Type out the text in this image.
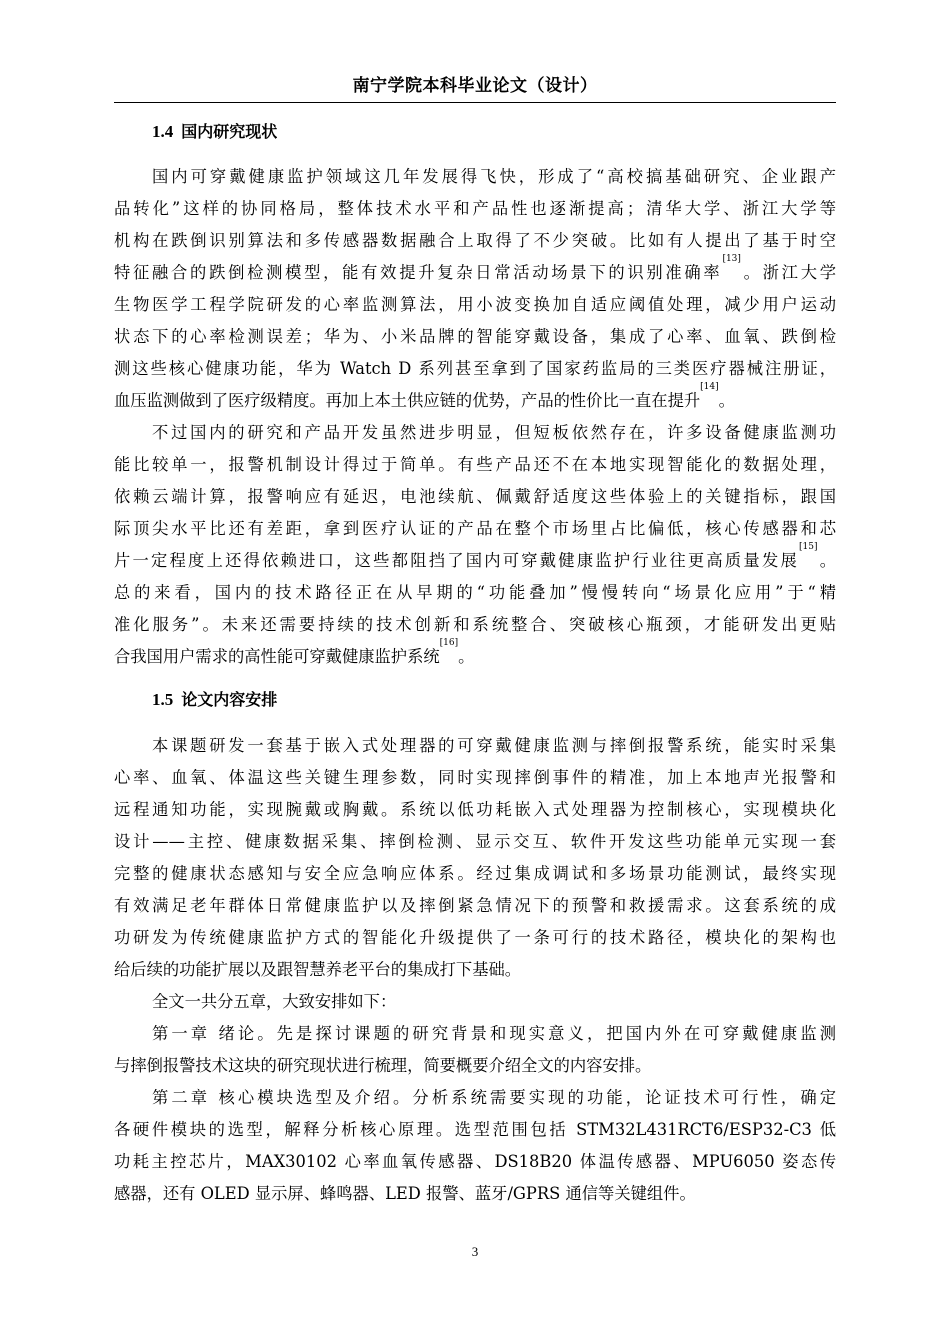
南宁学院本科毕业论文（设计）
1.4 国内研究现状
国内可穿戴健康监护领域这几年发展得飞快，形成了“高校搞基础研究、企业跟产
品转化”这样的协同格局，整体技术水平和产品性也逐渐提高；清华大学、浙江大学等
机构在跌倒识别算法和多传感器数据融合上取得了不少突破。比如有人提出了基于时空
特征融合的跌倒检测模型，能有效提升复杂日常活动场景下的识别准确率[13]。浙江大学
生物医学工程学院研发的心率监测算法，用小波变换加自适应阈值处理，减少用户运动
状态下的心率检测误差；华为、小米品牌的智能穿戴设备，集成了心率、血氧、跌倒检
测这些核心健康功能，华为 Watch D 系列甚至拿到了国家药监局的三类医疗器械注册证，
血压监测做到了医疗级精度。再加上本土供应链的优势，产品的性价比一直在提升[14]。
不过国内的研究和产品开发虽然进步明显，但短板依然存在，许多设备健康监测功
能比较单一，报警机制设计得过于简单。有些产品还不在本地实现智能化的数据处理，
依赖云端计算，报警响应有延迟，电池续航、佩戴舒适度这些体验上的关键指标，跟国
际顶尖水平比还有差距，拿到医疗认证的产品在整个市场里占比偏低，核心传感器和芯
片一定程度上还得依赖进口，这些都阻挡了国内可穿戴健康监护行业往更高质量发展[15]。
总的来看，国内的技术路径正在从早期的“功能叠加”慢慢转向“场景化应用”于“精
准化服务”。未来还需要持续的技术创新和系统整合、突破核心瓶颈，才能研发出更贴
合我国用户需求的高性能可穿戴健康监护系统[16]。
1.5 论文内容安排
本课题研发一套基于嵌入式处理器的可穿戴健康监测与摔倒报警系统，能实时采集
心率、血氧、体温这些关键生理参数，同时实现摔倒事件的精准，加上本地声光报警和
远程通知功能，实现腕戴或胸戴。系统以低功耗嵌入式处理器为控制核心，实现模块化
设计——主控、健康数据采集、摔倒检测、显示交互、软件开发这些功能单元实现一套
完整的健康状态感知与安全应急响应体系。经过集成调试和多场景功能测试，最终实现
有效满足老年群体日常健康监护以及摔倒紧急情况下的预警和救援需求。这套系统的成
功研发为传统健康监护方式的智能化升级提供了一条可行的技术路径，模块化的架构也
给后续的功能扩展以及跟智慧养老平台的集成打下基础。
全文一共分五章，大致安排如下：
第一章 绪论。先是探讨课题的研究背景和现实意义，把国内外在可穿戴健康监测
与摔倒报警技术这块的研究现状进行梳理，简要概要介绍全文的内容安排。
第二章 核心模块选型及介绍。分析系统需要实现的功能，论证技术可行性，确定
各硬件模块的选型，解释分析核心原理。选型范围包括 STM32L431RCT6/ESP32-C3 低
功耗主控芯片，MAX30102 心率血氧传感器、DS18B20 体温传感器、MPU6050 姿态传
感器，还有 OLED 显示屏、蜂鸣器、LED 报警、蓝牙/GPRS 通信等关键组件。
3
